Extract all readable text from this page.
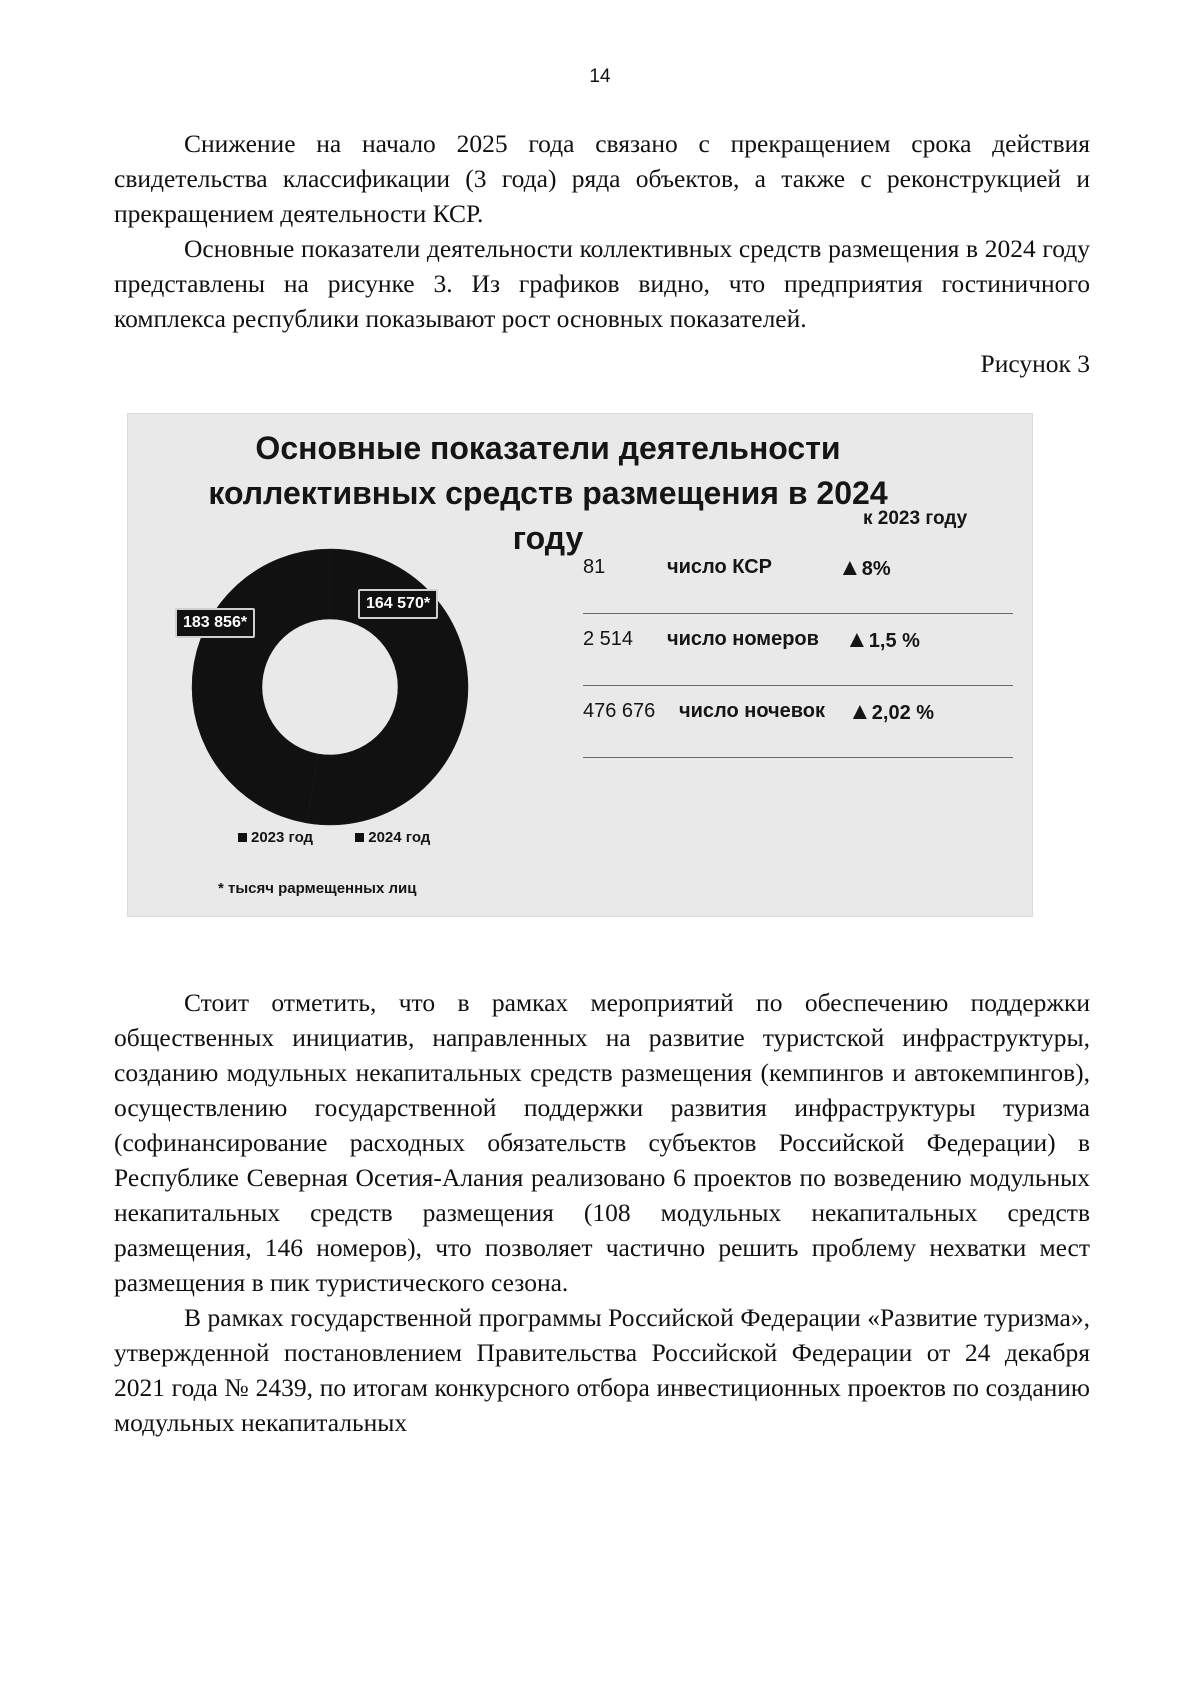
14

Снижение на начало 2025 года связано с прекращением срока действия свидетельства классификации (3 года) ряда объектов, а также с реконструкцией и прекращением деятельности КСР.

Основные показатели деятельности коллективных средств размещения в 2024 году представлены на рисунке 3. Из графиков видно, что предприятия гостиничного комплекса республики показывают рост основных показателей.

Рисунок 3
Основные показатели деятельности
коллективных средств размещения в 2024
году
к 2023 году
183 856*
164 570*
81	число КСР	▲8%
2 514 число номеров ▲1,5 %
476 676 число ночевок ▲2,02 %
2023 год	2024 год
* тысяч рармещенных лиц

Стоит отметить, что в рамках мероприятий по обеспечению поддержки общественных инициатив, направленных на развитие туристской инфраструктуры, созданию модульных некапитальных средств размещения (кемпингов и автокемпингов), осуществлению государственной поддержки развития инфраструктуры туризма (софинансирование расходных обязательств субъектов Российской Федерации) в Республике Северная Осетия-Алания реализовано 6 проектов по возведению модульных некапитальных средств размещения (108 модульных некапитальных средств размещения, 146 номеров), что позволяет частично решить проблему нехватки мест размещения в пик туристического сезона.

В рамках государственной программы Российской Федерации «Развитие туризма», утвержденной постановлением Правительства Российской Федерации от 24 декабря 2021 года № 2439, по итогам конкурсного отбора инвестиционных проектов по созданию модульных некапитальных
